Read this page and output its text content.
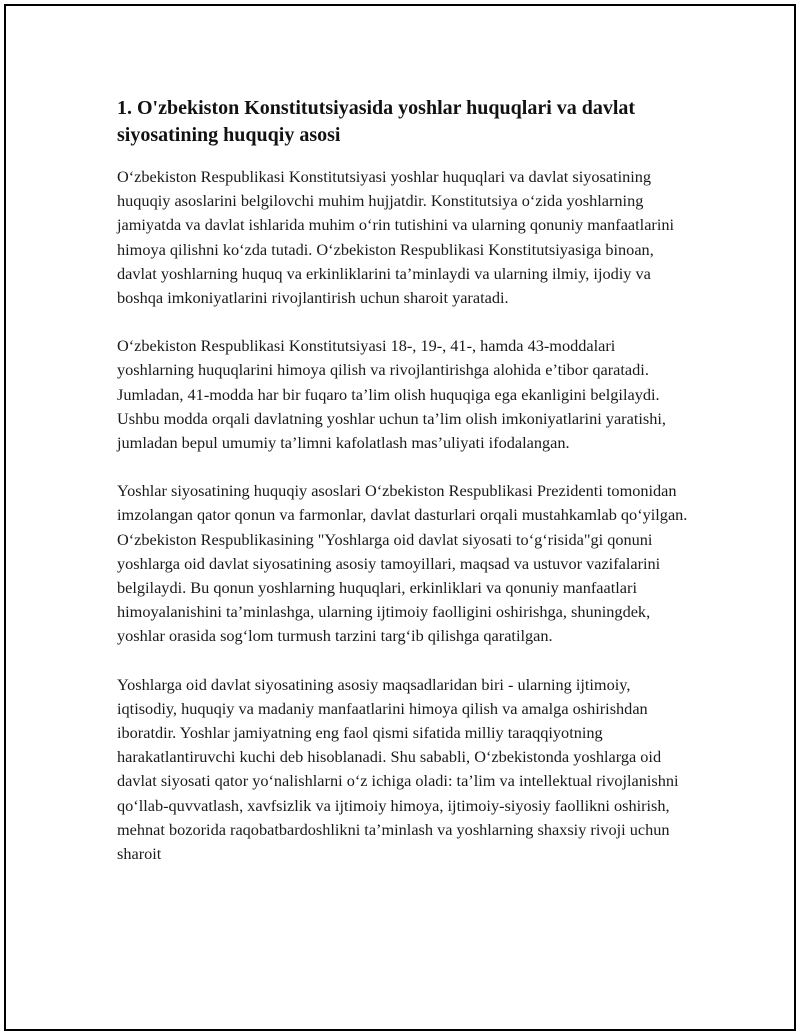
1. O'zbekiston Konstitutsiyasida yoshlar huquqlari va davlat siyosatining huquqiy asosi

O‘zbekiston Respublikasi Konstitutsiyasi yoshlar huquqlari va davlat siyosatining huquqiy asoslarini belgilovchi muhim hujjatdir. Konstitutsiya o‘zida yoshlarning jamiyatda va davlat ishlarida muhim o‘rin tutishini va ularning qonuniy manfaatlarini himoya qilishni ko‘zda tutadi. O‘zbekiston Respublikasi Konstitutsiyasiga binoan, davlat yoshlarning huquq va erkinliklarini ta’minlaydi va ularning ilmiy, ijodiy va boshqa imkoniyatlarini rivojlantirish uchun sharoit yaratadi.

O‘zbekiston Respublikasi Konstitutsiyasi 18-, 19-, 41-, hamda 43-moddalari yoshlarning huquqlarini himoya qilish va rivojlantirishga alohida e’tibor qaratadi. Jumladan, 41-modda har bir fuqaro ta’lim olish huquqiga ega ekanligini belgilaydi. Ushbu modda orqali davlatning yoshlar uchun ta’lim olish imkoniyatlarini yaratishi, jumladan bepul umumiy ta’limni kafolatlash mas’uliyati ifodalangan.

Yoshlar siyosatining huquqiy asoslari O‘zbekiston Respublikasi Prezidenti tomonidan imzolangan qator qonun va farmonlar, davlat dasturlari orqali mustahkamlab qo‘yilgan. O‘zbekiston Respublikasining "Yoshlarga oid davlat siyosati to‘g‘risida"gi qonuni yoshlarga oid davlat siyosatining asosiy tamoyillari, maqsad va ustuvor vazifalarini belgilaydi. Bu qonun yoshlarning huquqlari, erkinliklari va qonuniy manfaatlari himoyalanishini ta’minlashga, ularning ijtimoiy faolligini oshirishga, shuningdek, yoshlar orasida sog‘lom turmush tarzini targ‘ib qilishga qaratilgan.

Yoshlarga oid davlat siyosatining asosiy maqsadlaridan biri - ularning ijtimoiy, iqtisodiy, huquqiy va madaniy manfaatlarini himoya qilish va amalga oshirishdan iboratdir. Yoshlar jamiyatning eng faol qismi sifatida milliy taraqqiyotning harakatlantiruvchi kuchi deb hisoblanadi. Shu sababli, O‘zbekistonda yoshlarga oid davlat siyosati qator yo‘nalishlarni o‘z ichiga oladi: ta’lim va intellektual rivojlanishni qo‘llab-quvvatlash, xavfsizlik va ijtimoiy himoya, ijtimoiy-siyosiy faollikni oshirish, mehnat bozorida raqobatbardoshlikni ta’minlash va yoshlarning shaxsiy rivoji uchun sharoit
